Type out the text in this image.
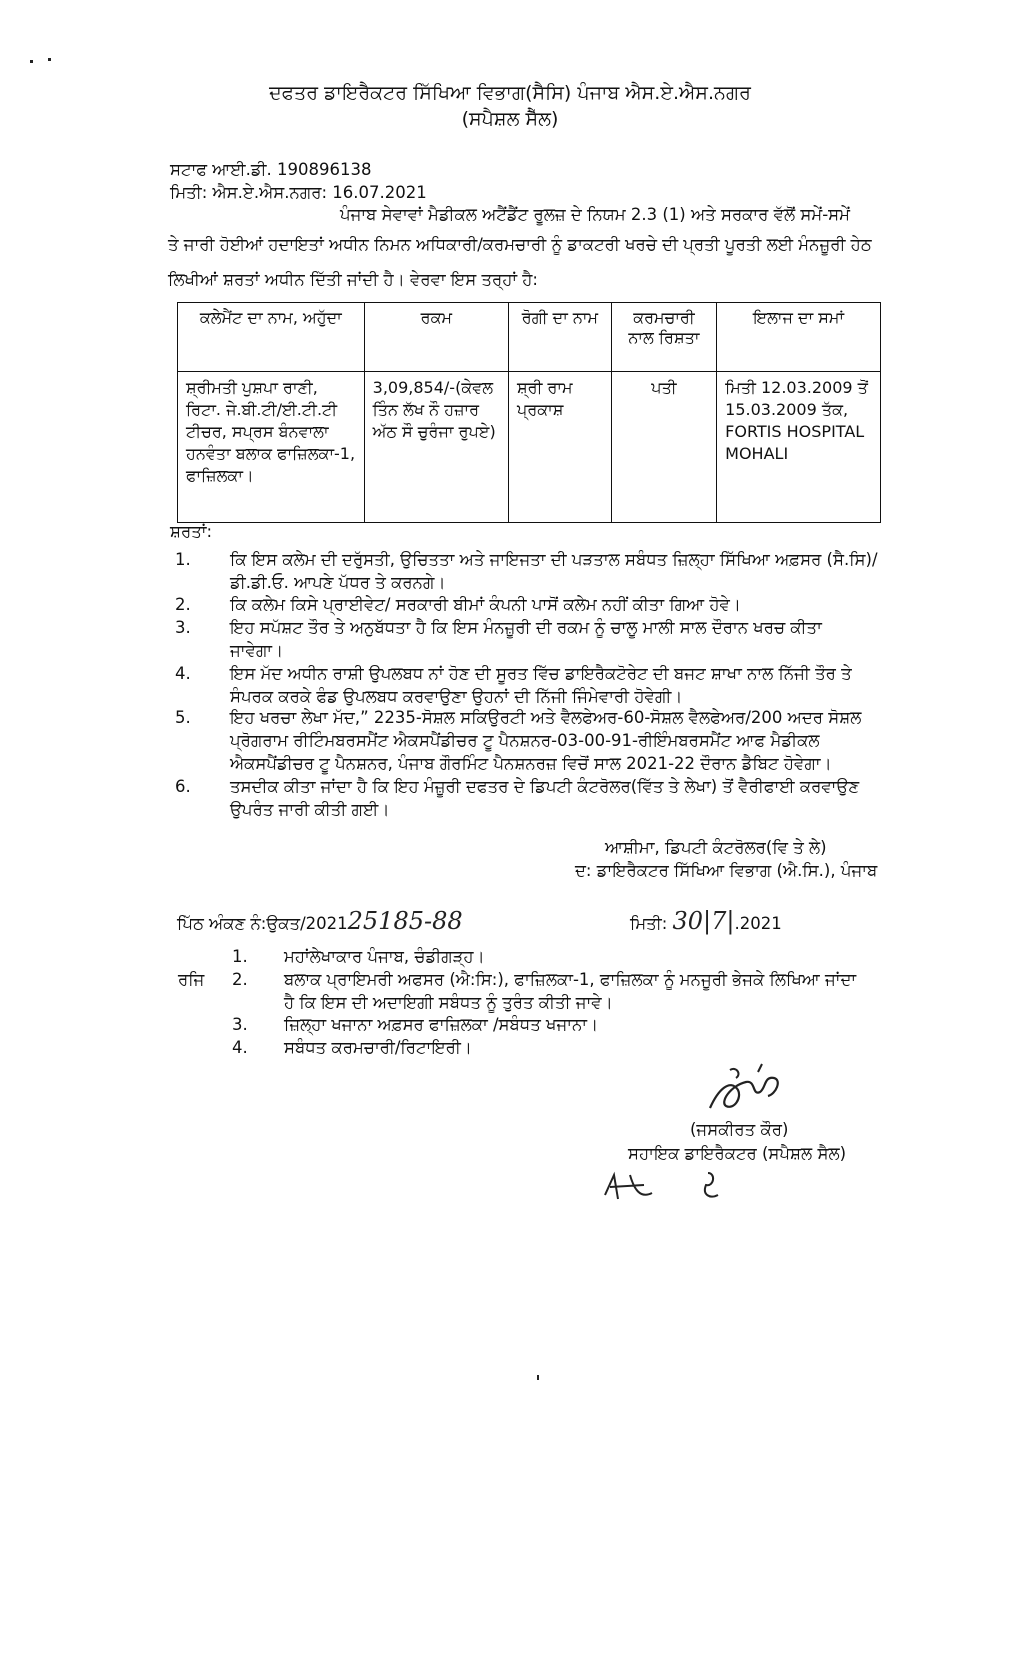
ਦਫਤਰ ਡਾਇਰੈਕਟਰ ਸਿੱਖਿਆ ਵਿਭਾਗ(ਸੈਸਿ) ਪੰਜਾਬ ਐਸ.ਏ.ਐਸ.ਨਗਰ
(ਸਪੈਸ਼ਲ ਸੈੱਲ)
ਸਟਾਫ ਆਈ.ਡੀ. 190896138
ਮਿਤੀ: ਐਸ.ਏ.ਐਸ.ਨਗਰ: 16.07.2021
ਪੰਜਾਬ ਸੇਵਾਵਾਂ ਮੈਡੀਕਲ ਅਟੈਂਡੈਂਟ ਰੂਲਜ਼ ਦੇ ਨਿਯਮ 2.3 (1) ਅਤੇ ਸਰਕਾਰ ਵੱਲੋਂ ਸਮੇਂ-ਸਮੇਂ
ਤੇ ਜਾਰੀ ਹੋਈਆਂ ਹਦਾਇਤਾਂ ਅਧੀਨ ਨਿਮਨ ਅਧਿਕਾਰੀ/ਕਰਮਚਾਰੀ ਨੂੰ ਡਾਕਟਰੀ ਖਰਚੇ ਦੀ ਪ੍ਰਤੀ ਪੂਰਤੀ ਲਈ ਮੰਨਜ਼ੂਰੀ ਹੇਠ
ਲਿਖੀਆਂ ਸ਼ਰਤਾਂ ਅਧੀਨ ਦਿੱਤੀ ਜਾਂਦੀ ਹੈ। ਵੇਰਵਾ ਇਸ ਤਰ੍ਹਾਂ ਹੈ:
ਕਲੇਮੈਂਟ ਦਾ ਨਾਮ, ਅਹੁੱਦਾ	ਰਕਮ	ਰੋਗੀ ਦਾ ਨਾਮ	ਕਰਮਚਾਰੀ ਨਾਲ ਰਿਸ਼ਤਾ	ਇਲਾਜ ਦਾ ਸਮਾਂ
ਸ਼੍ਰੀਮਤੀ ਪੁਸ਼ਪਾ ਰਾਣੀ, ਰਿਟਾ. ਜੇ.ਬੀ.ਟੀ/ਈ.ਟੀ.ਟੀ ਟੀਚਰ, ਸਪ੍ਰਸ ਬੰਨਵਾਲਾ ਹਨਵੰਤਾ ਬਲਾਕ ਫਾਜ਼ਿਲਕਾ-1, ਫਾਜ਼ਿਲਕਾ।	3,09,854/-(ਕੇਵਲ ਤਿੰਨ ਲੱਖ ਨੌ ਹਜ਼ਾਰ ਅੱਠ ਸੌ ਚੁਰੰਜਾ ਰੁਪਏ)	ਸ਼੍ਰੀ ਰਾਮ ਪ੍ਰਕਾਸ਼	ਪਤੀ	ਮਿਤੀ 12.03.2009 ਤੋਂ 15.03.2009 ਤੱਕ, FORTIS HOSPITAL MOHALI
ਸ਼ਰਤਾਂ:
1.	ਕਿ ਇਸ ਕਲੇਮ ਦੀ ਦਰੁੱਸਤੀ, ਉਚਿਤਤਾ ਅਤੇ ਜਾਇਜਤਾ ਦੀ ਪੜਤਾਲ ਸਬੰਧਤ ਜ਼ਿਲ੍ਹਾ ਸਿੱਖਿਆ ਅਫ਼ਸਰ (ਸੈ.ਸਿ)/
ਡੀ.ਡੀ.ਓ. ਆਪਣੇ ਪੱਧਰ ਤੇ ਕਰਨਗੇ।
2.	ਕਿ ਕਲੇਮ ਕਿਸੇ ਪ੍ਰਾਈਵੇਟ/ ਸਰਕਾਰੀ ਬੀਮਾਂ ਕੰਪਨੀ ਪਾਸੋਂ ਕਲੇਮ ਨਹੀਂ ਕੀਤਾ ਗਿਆ ਹੋਵੇ।
3.	ਇਹ ਸਪੱਸ਼ਟ ਤੌਰ ਤੇ ਅਨੁਬੱਧਤਾ ਹੈ ਕਿ ਇਸ ਮੰਨਜ਼ੂਰੀ ਦੀ ਰਕਮ ਨੂੰ ਚਾਲੂ ਮਾਲੀ ਸਾਲ ਦੌਰਾਨ ਖਰਚ ਕੀਤਾ
ਜਾਵੇਗਾ।
4.	ਇਸ ਮੱਦ ਅਧੀਨ ਰਾਸ਼ੀ ਉਪਲਬਧ ਨਾਂ ਹੋਣ ਦੀ ਸੂਰਤ ਵਿੱਚ ਡਾਇਰੈਕਟੋਰੇਟ ਦੀ ਬਜਟ ਸ਼ਾਖਾ ਨਾਲ ਨਿੱਜੀ ਤੌਰ ਤੇ
ਸੰਪਰਕ ਕਰਕੇ ਫੰਡ ਉਪਲਬਧ ਕਰਵਾਉਣਾ ਉਹਨਾਂ ਦੀ ਨਿੱਜੀ ਜਿੰਮੇਵਾਰੀ ਹੋਵੇਗੀ।
5.	ਇਹ ਖਰਚਾ ਲੇਖਾ ਮੱਦ,” 2235-ਸੋਸ਼ਲ ਸਕਿਉਰਟੀ ਅਤੇ ਵੈਲਫੇਅਰ-60-ਸੋਸ਼ਲ ਵੈਲਫੇਅਰ/200 ਅਦਰ ਸੋਸ਼ਲ
ਪ੍ਰੋਗਰਾਮ ਰੀਟਿੰਮਬਰਸਮੈਂਟ ਐਕਸਪੈਂਡੀਚਰ ਟੂ ਪੈਨਸ਼ਨਰ-03-00-91-ਰੀਇੰਮਬਰਸਮੈਂਟ ਆਫ ਮੈਡੀਕਲ
ਐਕਸਪੈਂਡੀਚਰ ਟੂ ਪੈਨਸ਼ਨਰ, ਪੰਜਾਬ ਗੌਰਮਿੰਟ ਪੈਨਸ਼ਨਰਜ਼ ਵਿਚੋਂ ਸਾਲ 2021-22 ਦੌਰਾਨ ਡੈਬਿਟ ਹੋਵੇਗਾ।
6.	ਤਸਦੀਕ ਕੀਤਾ ਜਾਂਦਾ ਹੈ ਕਿ ਇਹ ਮੰਜ਼ੂਰੀ ਦਫਤਰ ਦੇ ਡਿਪਟੀ ਕੰਟਰੋਲਰ(ਵਿੱਤ ਤੇ ਲੇਖਾ) ਤੋਂ ਵੈਰੀਫਾਈ ਕਰਵਾਉਣ
ਉਪਰੰਤ ਜਾਰੀ ਕੀਤੀ ਗਈ।
ਆਸ਼ੀਮਾ, ਡਿਪਟੀ ਕੰਟਰੋਲਰ(ਵਿ ਤੇ ਲੇ)
ਦ: ਡਾਇਰੈਕਟਰ ਸਿੱਖਿਆ ਵਿਭਾਗ (ਐ.ਸਿ.), ਪੰਜਾਬ
ਪਿੱਠ ਅੰਕਣ ਨੰ:ਉਕਤ/202125185-88	ਮਿਤੀ: 30|7|.2021
ਰਜਿ
1.	ਮਹਾਂਲੇਖਾਕਾਰ ਪੰਜਾਬ, ਚੰਡੀਗੜ੍ਹ।
2.	ਬਲਾਕ ਪ੍ਰਾਇਮਰੀ ਅਫਸਰ (ਐ:ਸਿ:), ਫਾਜ਼ਿਲਕਾ-1, ਫਾਜ਼ਿਲਕਾ ਨੂੰ ਮਨਜੂਰੀ ਭੇਜਕੇ ਲਿਖਿਆ ਜਾਂਦਾ
ਹੈ ਕਿ ਇਸ ਦੀ ਅਦਾਇਗੀ ਸਬੰਧਤ ਨੂੰ ਤੁਰੰਤ ਕੀਤੀ ਜਾਵੇ।
3.	ਜ਼ਿਲ੍ਹਾ ਖਜਾਨਾ ਅਫ਼ਸਰ ਫਾਜ਼ਿਲਕਾ /ਸਬੰਧਤ ਖਜਾਨਾ।
4.	ਸਬੰਧਤ ਕਰਮਚਾਰੀ/ਰਿਟਾਇਰੀ।
(ਜਸਕੀਰਤ ਕੌਰ)
ਸਹਾਇਕ ਡਾਇਰੈਕਟਰ (ਸਪੈਸ਼ਲ ਸੈਲ)
